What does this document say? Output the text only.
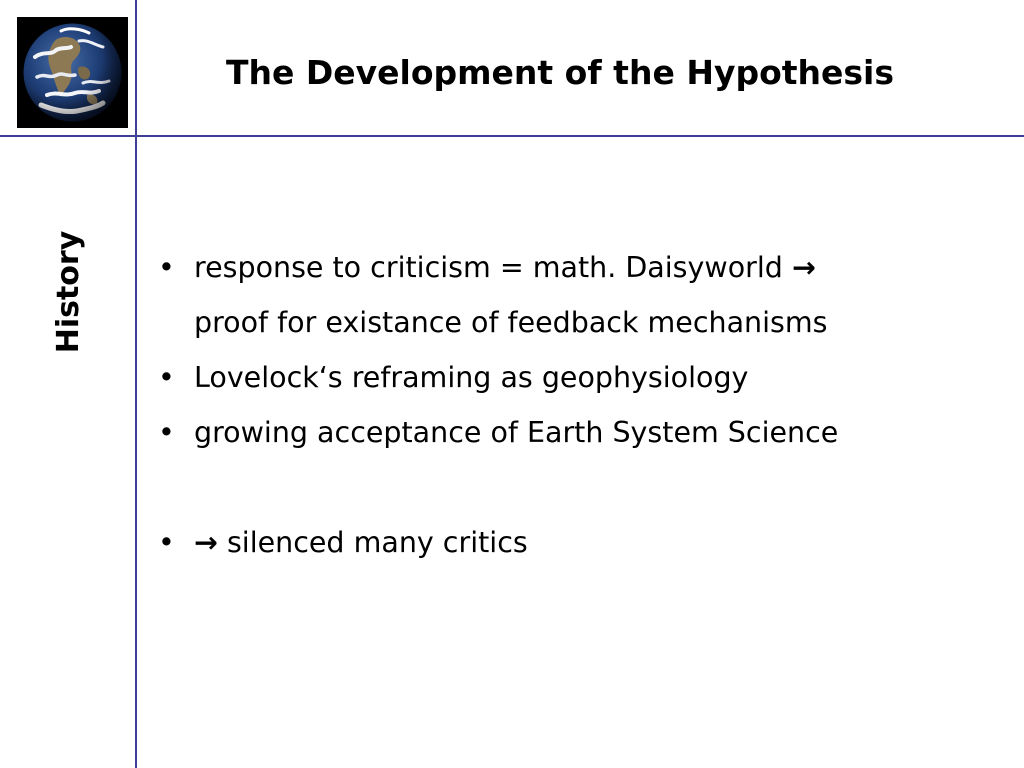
The Development of the Hypothesis
History	• response to criticism = math. Daisyworld →
proof for existance of feedback mechanisms
• Lovelock‘s reframing as geophysiology
• growing acceptance of Earth System Science
• → silenced many critics
